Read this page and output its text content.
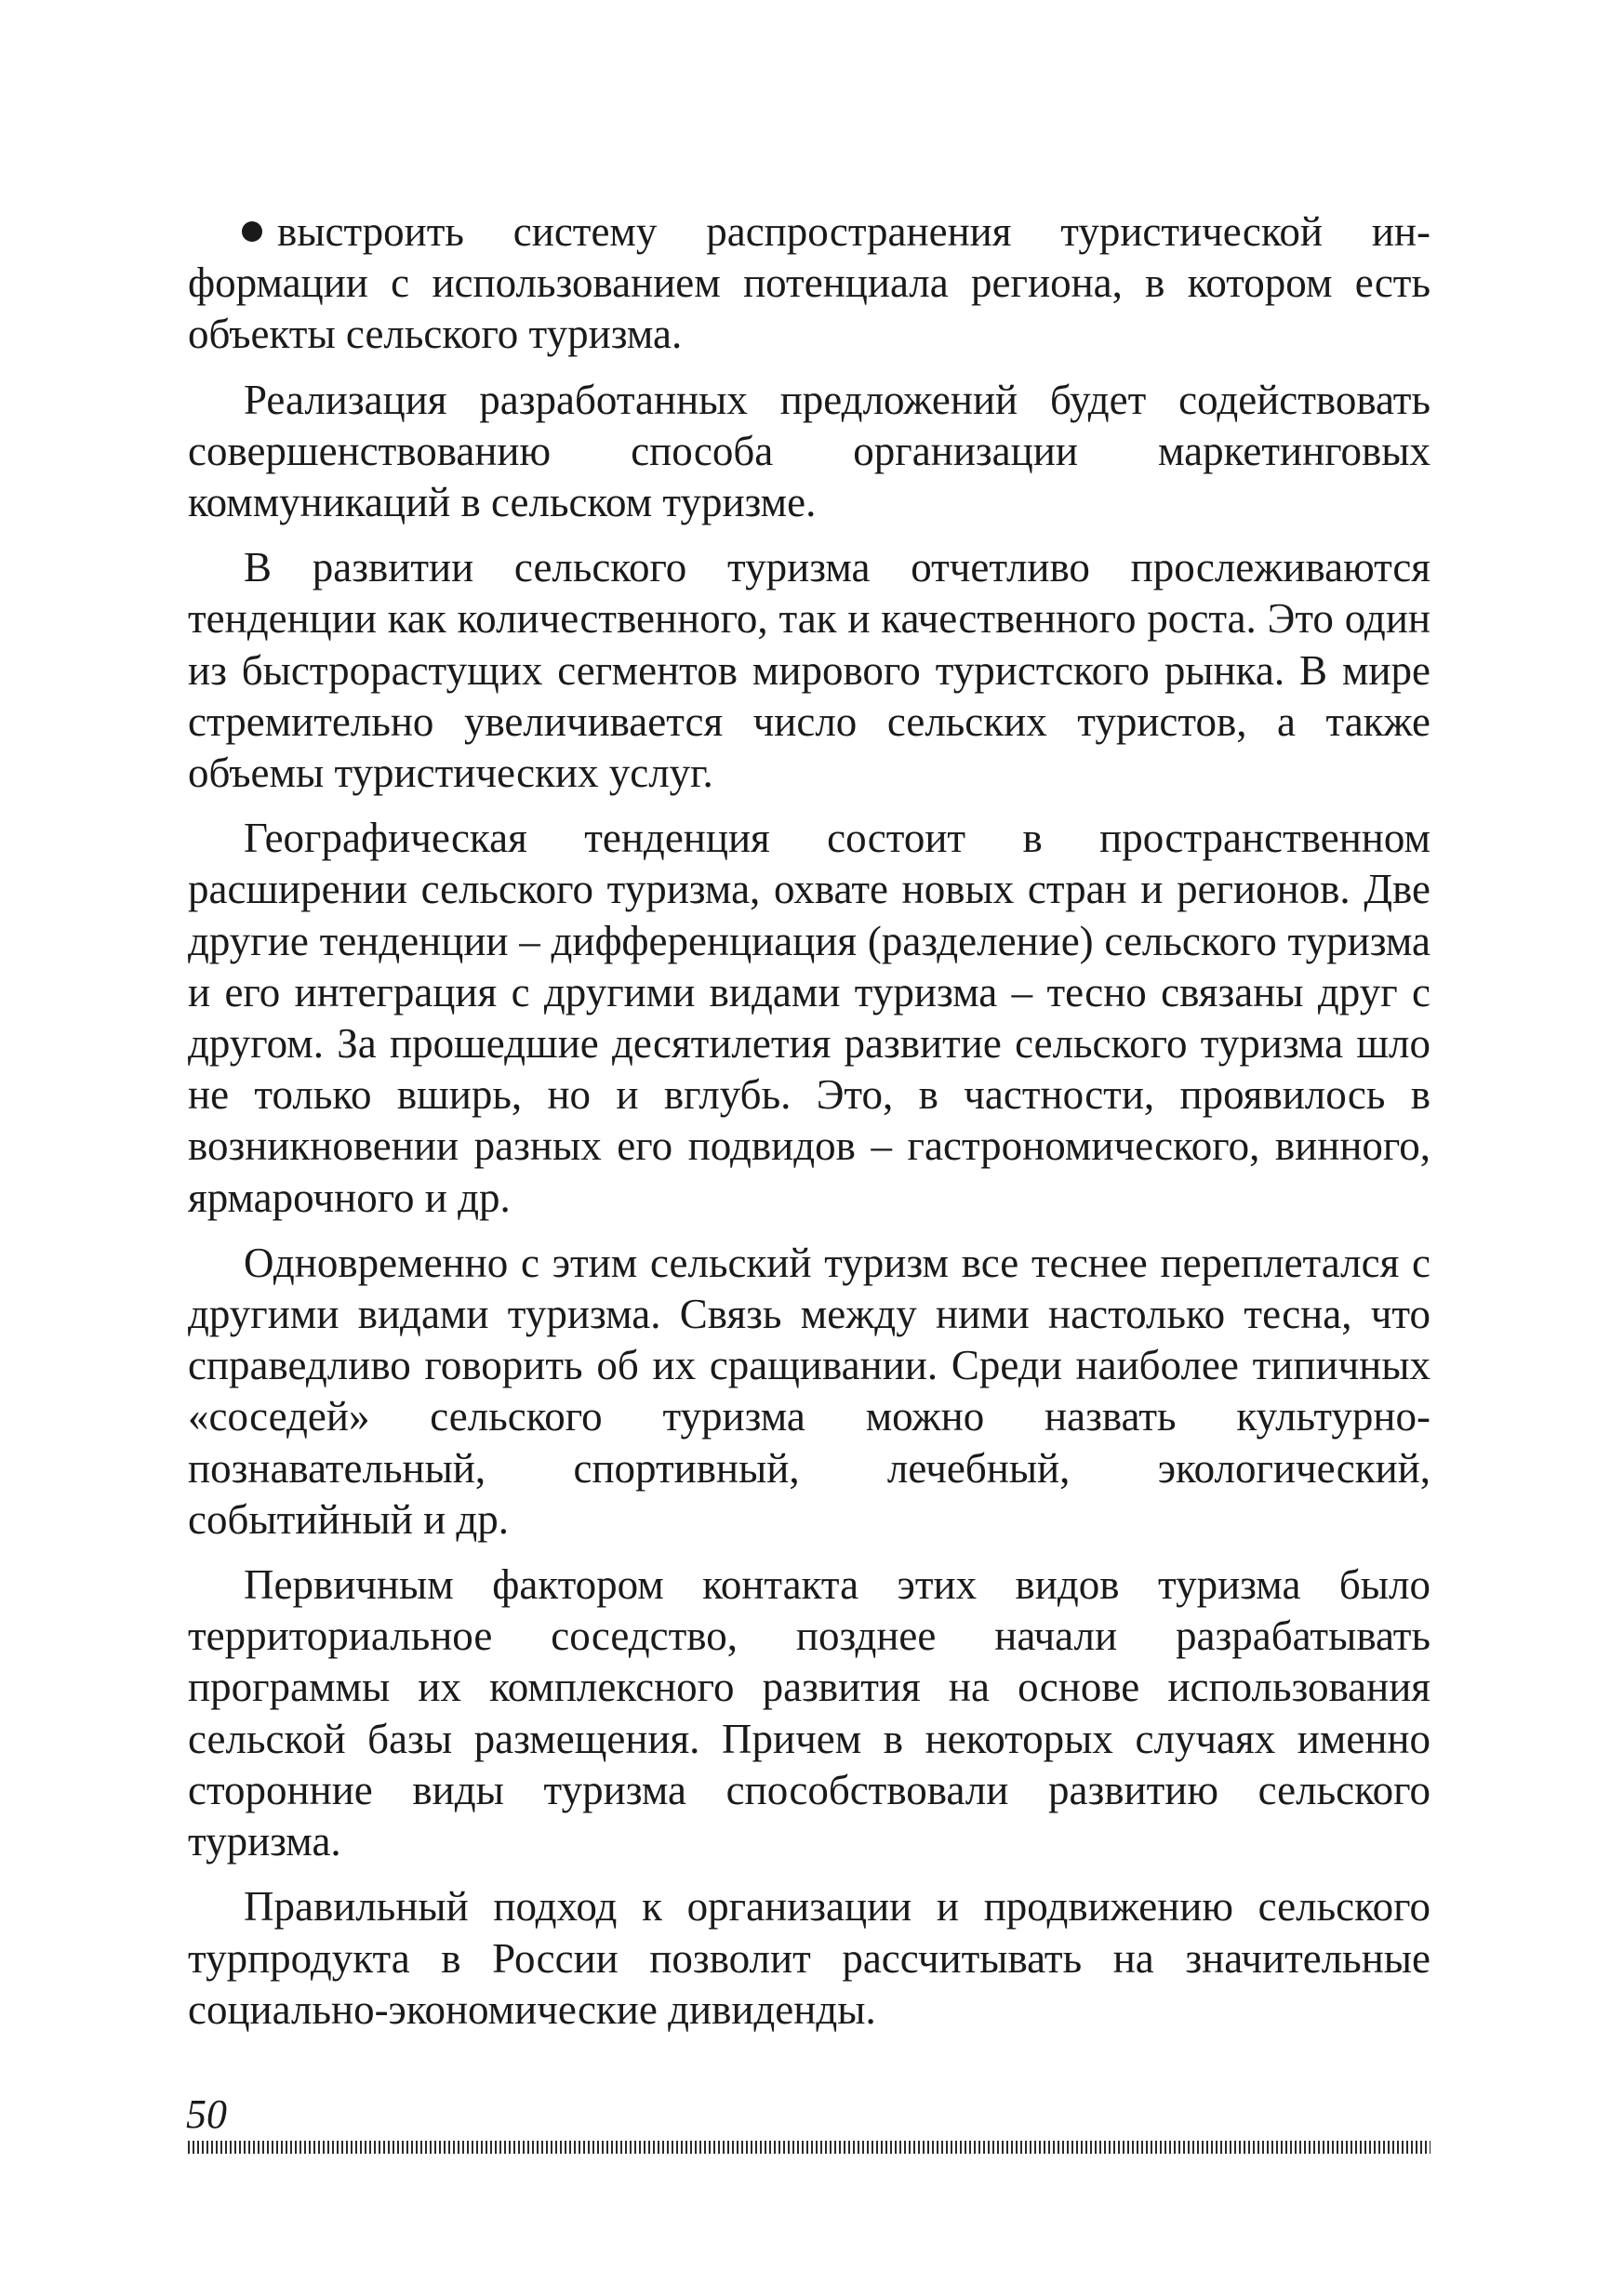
выстроить систему распространения туристической информации с использованием потенциала региона, в котором есть объекты сельского туризма.

Реализация разработанных предложений будет содействовать совершенствованию способа организации маркетинговых коммуникаций в сельском туризме.

В развитии сельского туризма отчетливо прослеживаются тенденции как количественного, так и качественного роста. Это один из быстрорастущих сегментов мирового туристского рынка. В мире стремительно увеличивается число сельских туристов, а также объемы туристических услуг.

Географическая тенденция состоит в пространственном расширении сельского туризма, охвате новых стран и регионов. Две другие тенденции – дифференциация (разделение) сельского туризма и его интеграция с другими видами туризма – тесно связаны друг с другом. За прошедшие десятилетия развитие сельского туризма шло не только вширь, но и вглубь. Это, в частности, проявилось в возникновении разных его подвидов – гастрономического, винного, ярмарочного и др.

Одновременно с этим сельский туризм все теснее переплетался с другими видами туризма. Связь между ними настолько тесна, что справедливо говорить об их сращивании. Среди наиболее типичных «соседей» сельского туризма можно назвать культурно-познавательный, спортивный, лечебный, экологический, событийный и др.

Первичным фактором контакта этих видов туризма было территориальное соседство, позднее начали разрабатывать программы их комплексного развития на основе использования сельской базы размещения. Причем в некоторых случаях именно сторонние виды туризма способствовали развитию сельского туризма.

Правильный подход к организации и продвижению сельского турпродукта в России позволит рассчитывать на значительные социально-экономические дивиденды.

50
